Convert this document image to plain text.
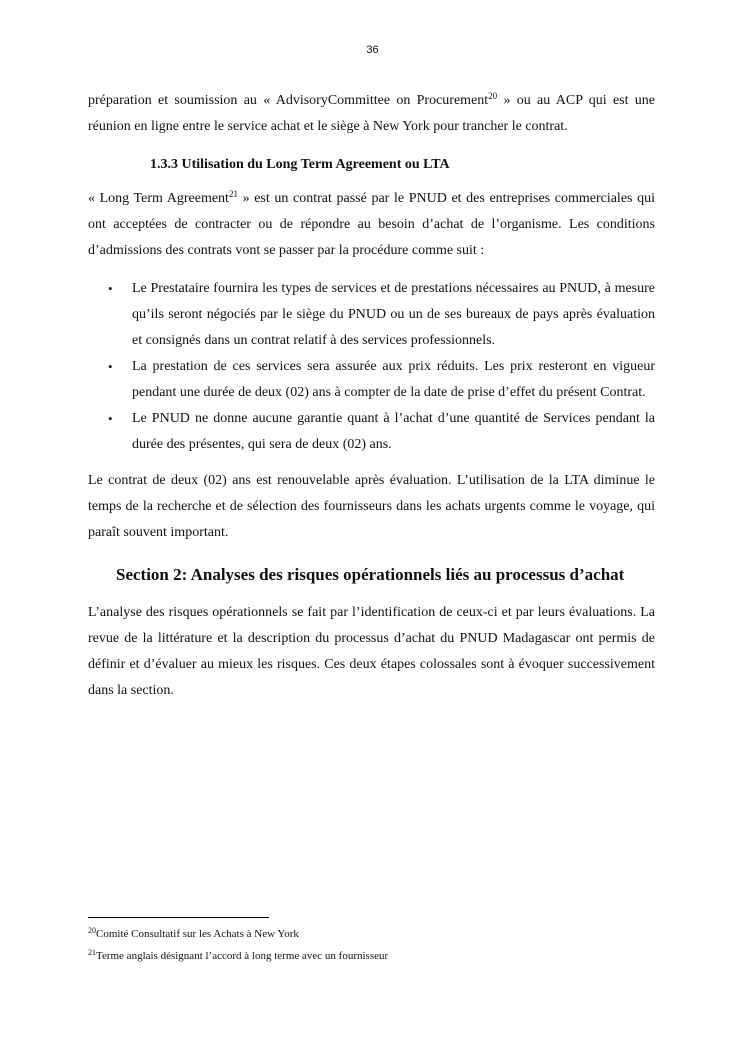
36

préparation et soumission au « AdvisoryCommittee on Procurement$^{20}$ » ou au ACP qui est une réunion en ligne entre le service achat et le siège à New York pour trancher le contrat.

1.3.3 Utilisation du Long Term Agreement ou LTA

« Long Term Agreement$^{21}$ » est un contrat passé par le PNUD et des entreprises commerciales qui ont acceptées de contracter ou de répondre au besoin d’achat de l’organisme. Les conditions d’admissions des contrats vont se passer par la procédure comme suit :

• Le Prestataire fournira les types de services et de prestations nécessaires au PNUD, à mesure qu’ils seront négociés par le siège du PNUD ou un de ses bureaux de pays après évaluation et consignés dans un contrat relatif à des services professionnels.
• La prestation de ces services sera assurée aux prix réduits. Les prix resteront en vigueur pendant une durée de deux (02) ans à compter de la date de prise d’effet du présent Contrat.
• Le PNUD ne donne aucune garantie quant à l’achat d’une quantité de Services pendant la durée des présentes, qui sera de deux (02) ans.

Le contrat de deux (02) ans est renouvelable après évaluation. L’utilisation de la LTA diminue le temps de la recherche et de sélection des fournisseurs dans les achats urgents comme le voyage, qui paraît souvent important.

Section 2: Analyses des risques opérationnels liés au processus d’achat

L’analyse des risques opérationnels se fait par l’identification de ceux-ci et par leurs évaluations. La revue de la littérature et la description du processus d’achat du PNUD Madagascar ont permis de définir et d’évaluer au mieux les risques. Ces deux étapes colossales sont à évoquer successivement dans la section.

$^{20}$Comité Consultatif sur les Achats à New York
$^{21}$Terme anglais désignant l’accord à long terme avec un fournisseur
